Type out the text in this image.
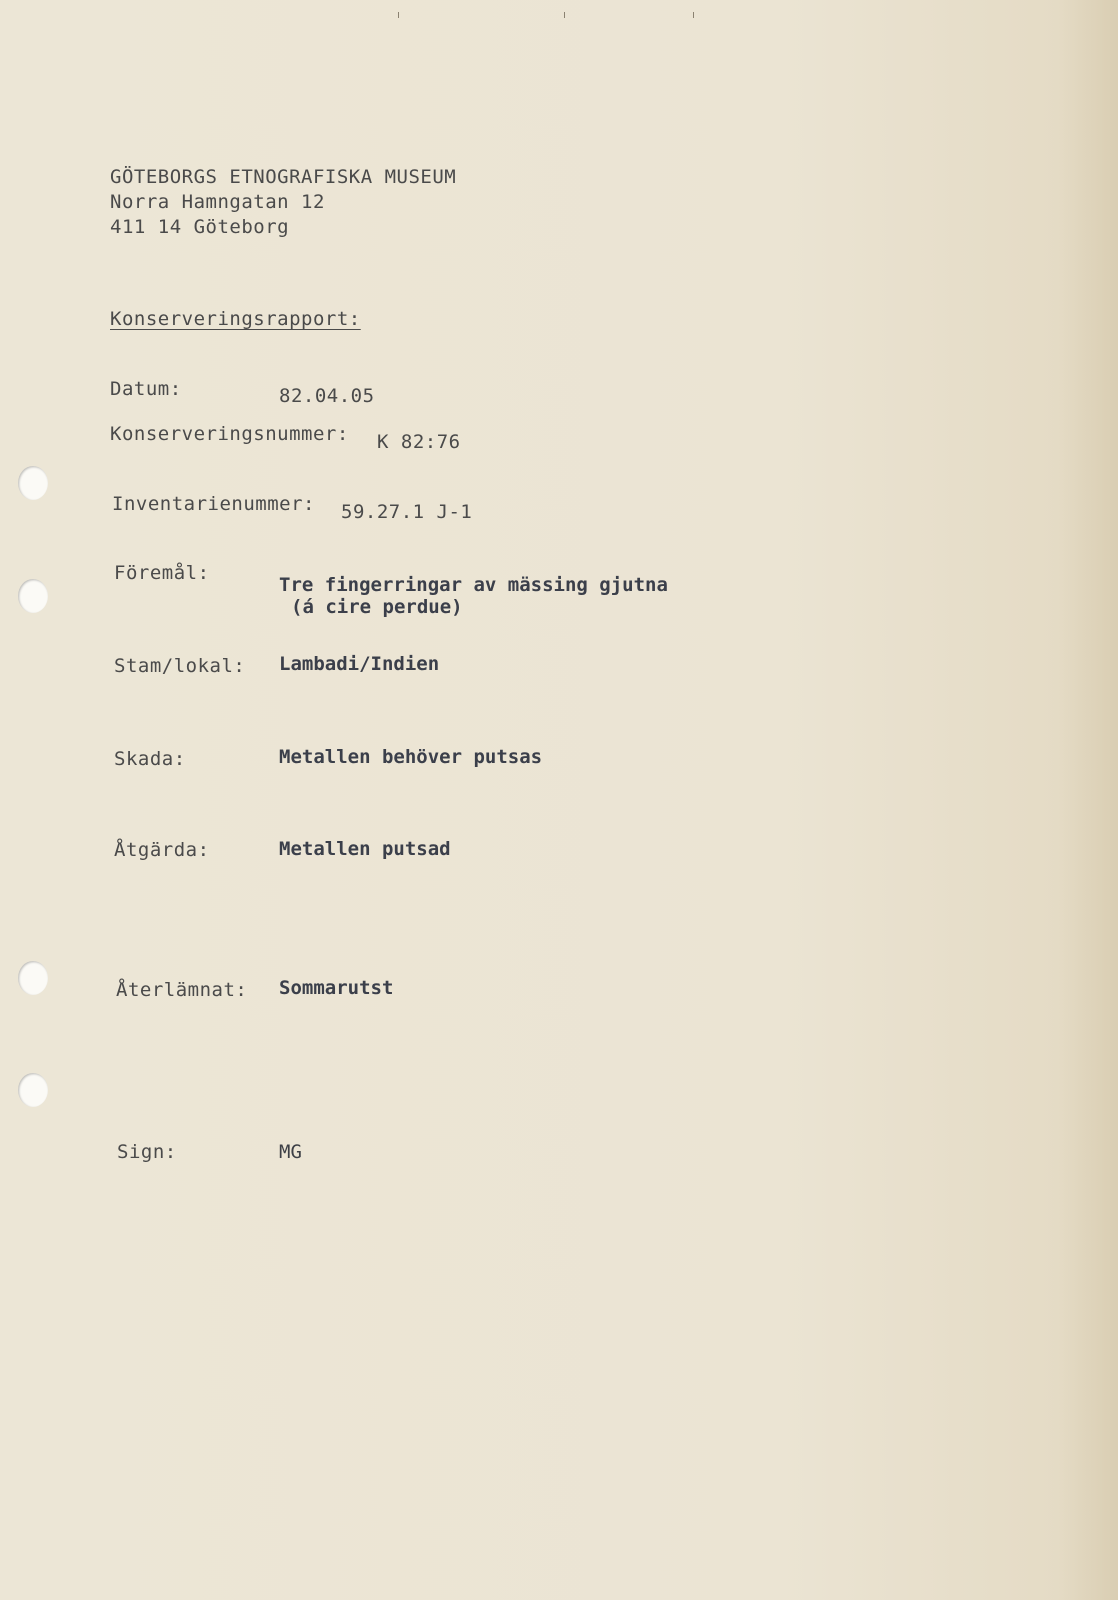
GÖTEBORGS ETNOGRAFISKA MUSEUM
Norra Hamngatan 12
411 14 Göteborg
Konserveringsrapport:
Datum:	82.04.05
Konserveringsnummer: K 82:76
Inventarienummer: 59.27.1 J-1
Föremål:
Tre fingerringar av mässing gjutna
(á cire perdue)
Stam/lokal: Lambadi/Indien
Skada:	Metallen behöver putsas
Åtgärda:	Metallen putsad
Återlämnat: Sommarutst
Sign:	MG
